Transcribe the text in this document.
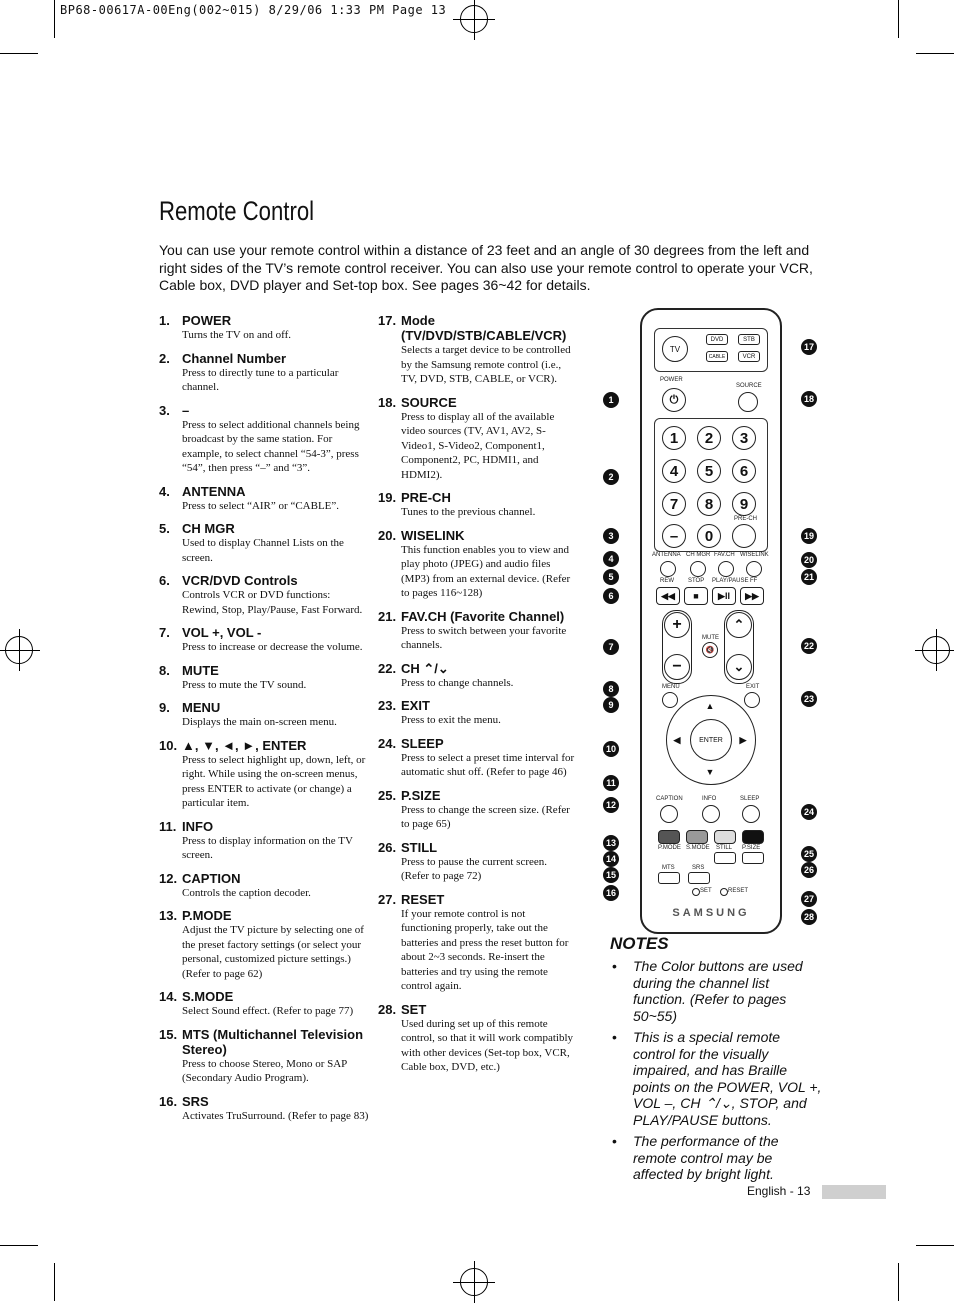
BP68-00617A-00Eng(002~015) 8/29/06 1:33 PM Page 13
Remote Control
You can use your remote control within a distance of 23 feet and an angle of 30 degrees from the left and right sides of the TV’s remote control receiver. You can also use your remote control to operate your VCR, Cable box, DVD player and Set-top box. See pages 36~42 for details.
1. POWER
Turns the TV on and off.
2. Channel Number
Press to directly tune to a particular channel.
3. –
Press to select additional channels being broadcast by the same station. For example, to select channel “54-3”, press “54”, then press “–” and “3”.
4. ANTENNA
Press to select “AIR” or “CABLE”.
5. CH MGR
Used to display Channel Lists on the screen.
6. VCR/DVD Controls
Controls VCR or DVD functions: Rewind, Stop, Play/Pause, Fast Forward.
7. VOL +, VOL -
Press to increase or decrease the volume.
8. MUTE
Press to mute the TV sound.
9. MENU
Displays the main on-screen menu.
10. ▲, ▼, ◄, ►, ENTER
Press to select highlight up, down, left, or right. While using the on-screen menus, press ENTER to activate (or change) a particular item.
11. INFO
Press to display information on the TV screen.
12. CAPTION
Controls the caption decoder.
13. P.MODE
Adjust the TV picture by selecting one of the preset factory settings (or select your personal, customized picture settings.) (Refer to page 62)
14. S.MODE
Select Sound effect. (Refer to page 77)
15. MTS (Multichannel Television Stereo)
Press to choose Stereo, Mono or SAP (Secondary Audio Program).
16. SRS
Activates TruSurround. (Refer to page 83)
17. Mode (TV/DVD/STB/CABLE/VCR)
Selects a target device to be controlled by the Samsung remote control (i.e., TV, DVD, STB, CABLE, or VCR).
18. SOURCE
Press to display all of the available video sources (TV, AV1, AV2, S-Video1, S-Video2, Component1, Component2, PC, HDMI1, and HDMI2).
19. PRE-CH
Tunes to the previous channel.
20. WISELINK
This function enables you to view and play photo (JPEG) and audio files (MP3) from an external device. (Refer to pages 116~128)
21. FAV.CH (Favorite Channel)
Press to switch between your favorite channels.
22. CH ⌃/⌄
Press to change channels.
23. EXIT
Press to exit the menu.
24. SLEEP
Press to select a preset time interval for automatic shut off. (Refer to page 46)
25. P.SIZE
Press to change the screen size. (Refer to page 65)
26. STILL
Press to pause the current screen. (Refer to page 72)
27. RESET
If your remote control is not functioning properly, take out the batteries and press the reset button for about 2~3 seconds. Re-insert the batteries and try using the remote control again.
28. SET
Used during set up of this remote control, so that it will work compatibly with other devices (Set-top box, VCR, Cable box, DVD, etc.)
TV
DVD	STB
CABLE	VCR
POWER
⏻
SOURCE
1 2 3
4 5 6
7 8 9
– 0
PRE-CH
ANTENNA CH MGR FAV.CH WISELINK
REW STOP PLAY/PAUSE FF
◀◀	■	▶II	▶▶
+
−
MUTE
🔇
⌃
⌄
MENU	EXIT
▲
▼
◀	▶
ENTER
CAPTION	INFO	SLEEP
P.MODE S.MODE STILL P.SIZE
MTS	SRS
SET	RESET
SAMSUNG
1
2
3
4
5
6
7
8
9
10
11
12
13
14
15
16
17
18
19
20
21
22
23
24
25
26
27
28
NOTES
• The Color buttons are used during the channel list function. (Refer to pages 50~55)
• This is a special remote control for the visually impaired, and has Braille points on the POWER, VOL +, VOL –, CH ⌃/⌄, STOP, and PLAY/PAUSE buttons.
• The performance of the remote control may be affected by bright light.
English - 13
